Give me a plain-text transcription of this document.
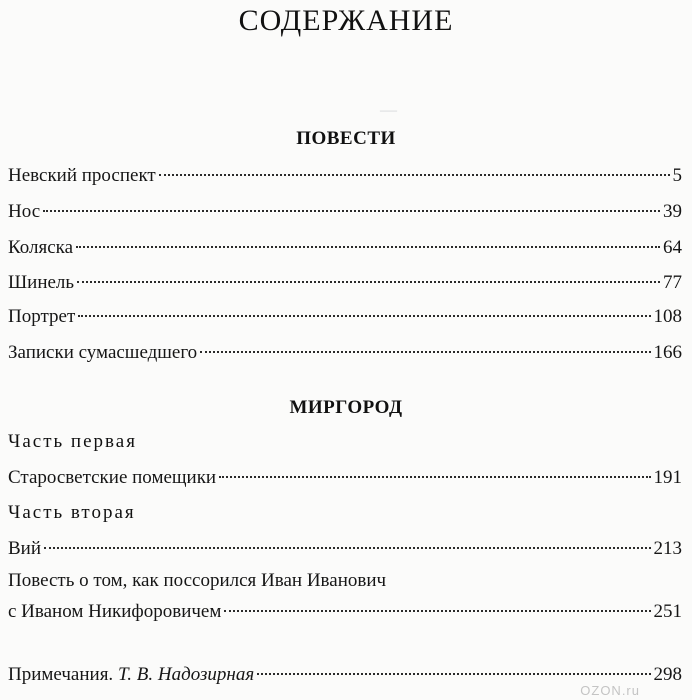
—

СОДЕРЖАНИЕ
ПОВЕСТИ
Невский проспект	5
Нос	39
Коляска	64
Шинель	77
Портрет	108
Записки сумасшедшего	166
МИРГОРОД
Часть первая
Старосветские помещики	191
Часть вторая
Вий	213
Повесть о том, как поссорился Иван Иванович
с Иваном Никифоровичем	251
Примечания. Т. В. Надозирная	298
OZON.ru
